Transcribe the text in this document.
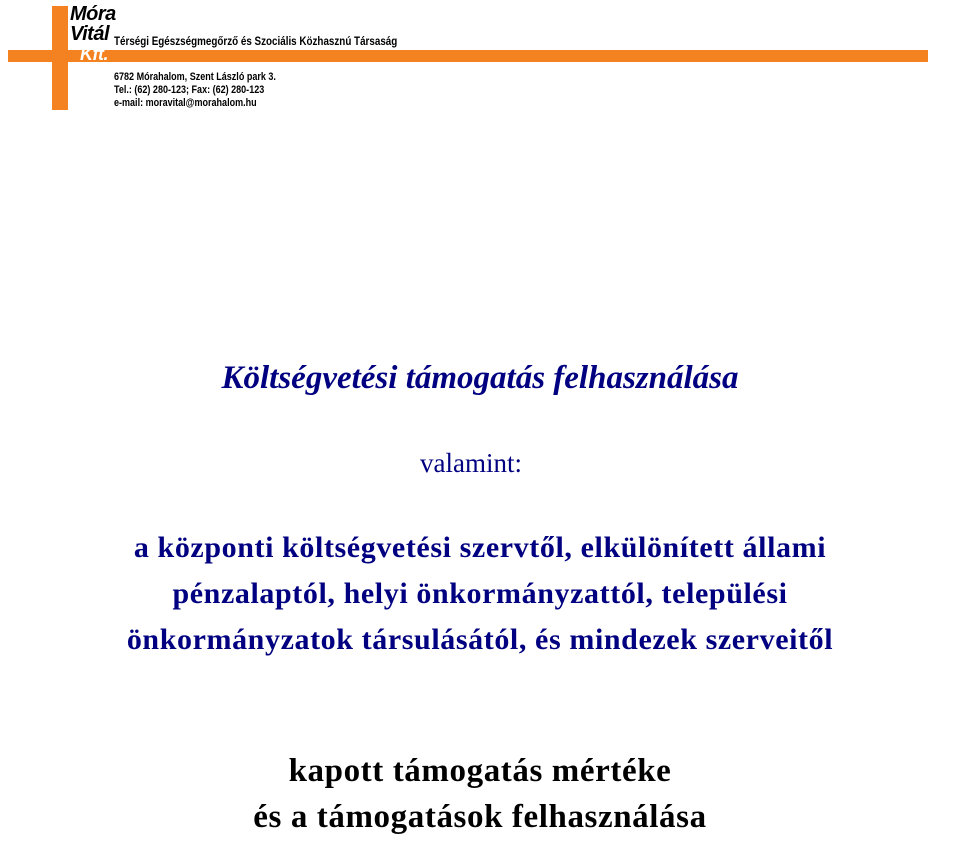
Móra
Vitál
Kft.
Térségi Egészségmegőrző és Szociális Közhasznú Társaság
6782 Mórahalom, Szent László park 3.
Tel.: (62) 280-123; Fax: (62) 280-123
e-mail: moravital@morahalom.hu
Költségvetési támogatás felhasználása
valamint:
a központi költségvetési szervtől, elkülönített állami
pénzalaptól, helyi önkormányzattól, települési
önkormányzatok társulásától, és mindezek szerveitől
kapott támogatás mértéke
és a támogatások felhasználása
